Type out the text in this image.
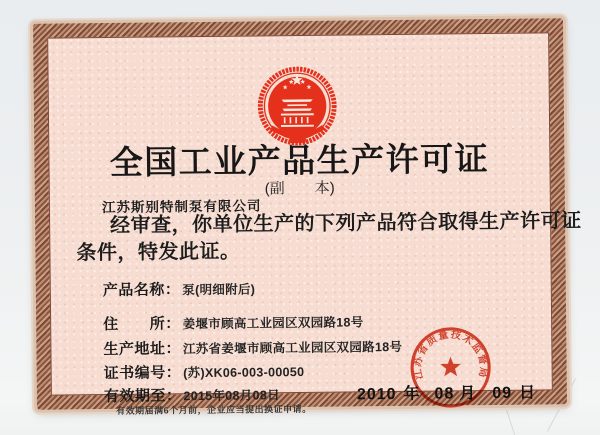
全国工业产品生产许可证
(副　　本)
江苏斯别特制泵有限公司
经审查，你单位生产的下列产品符合取得生产许可证
条件，特发此证。
产品名称： 泵(明细附后)
住　　所： 姜堰市顾高工业园区双园路18号
生产地址： 江苏省姜堰市顾高工业园区双园路18号
证书编号： (苏)XK06-003-00050
有效期至： 2015年08月08日
有效期届满6个月前，企业应当提出换证申请。
2010 年 08 月 09 日
江苏省质量技术监督局
